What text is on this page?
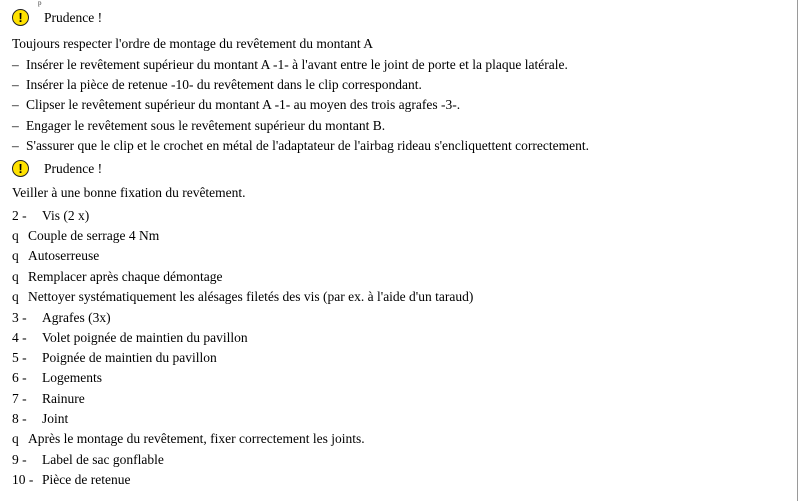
p
!	Prudence !
Toujours respecter l'ordre de montage du revêtement du montant A
– Insérer le revêtement supérieur du montant A -1- à l'avant entre le joint de porte et la plaque latérale.
– Insérer la pièce de retenue -10- du revêtement dans le clip correspondant.
– Clipser le revêtement supérieur du montant A -1- au moyen des trois agrafes -3-.
– Engager le revêtement sous le revêtement supérieur du montant B.
– S'assurer que le clip et le crochet en métal de l'adaptateur de l'airbag rideau s'encliquettent correctement.
!	Prudence !
Veiller à une bonne fixation du revêtement.
2 - Vis (2 x)
q Couple de serrage 4 Nm
q Autoserreuse
q Remplacer après chaque démontage
q Nettoyer systématiquement les alésages filetés des vis (par ex. à l'aide d'un taraud)
3 - Agrafes (3x)
4 - Volet poignée de maintien du pavillon
5 - Poignée de maintien du pavillon
6 - Logements
7 - Rainure
8 - Joint
q Après le montage du revêtement, fixer correctement les joints.
9 - Label de sac gonflable
10 - Pièce de retenue
